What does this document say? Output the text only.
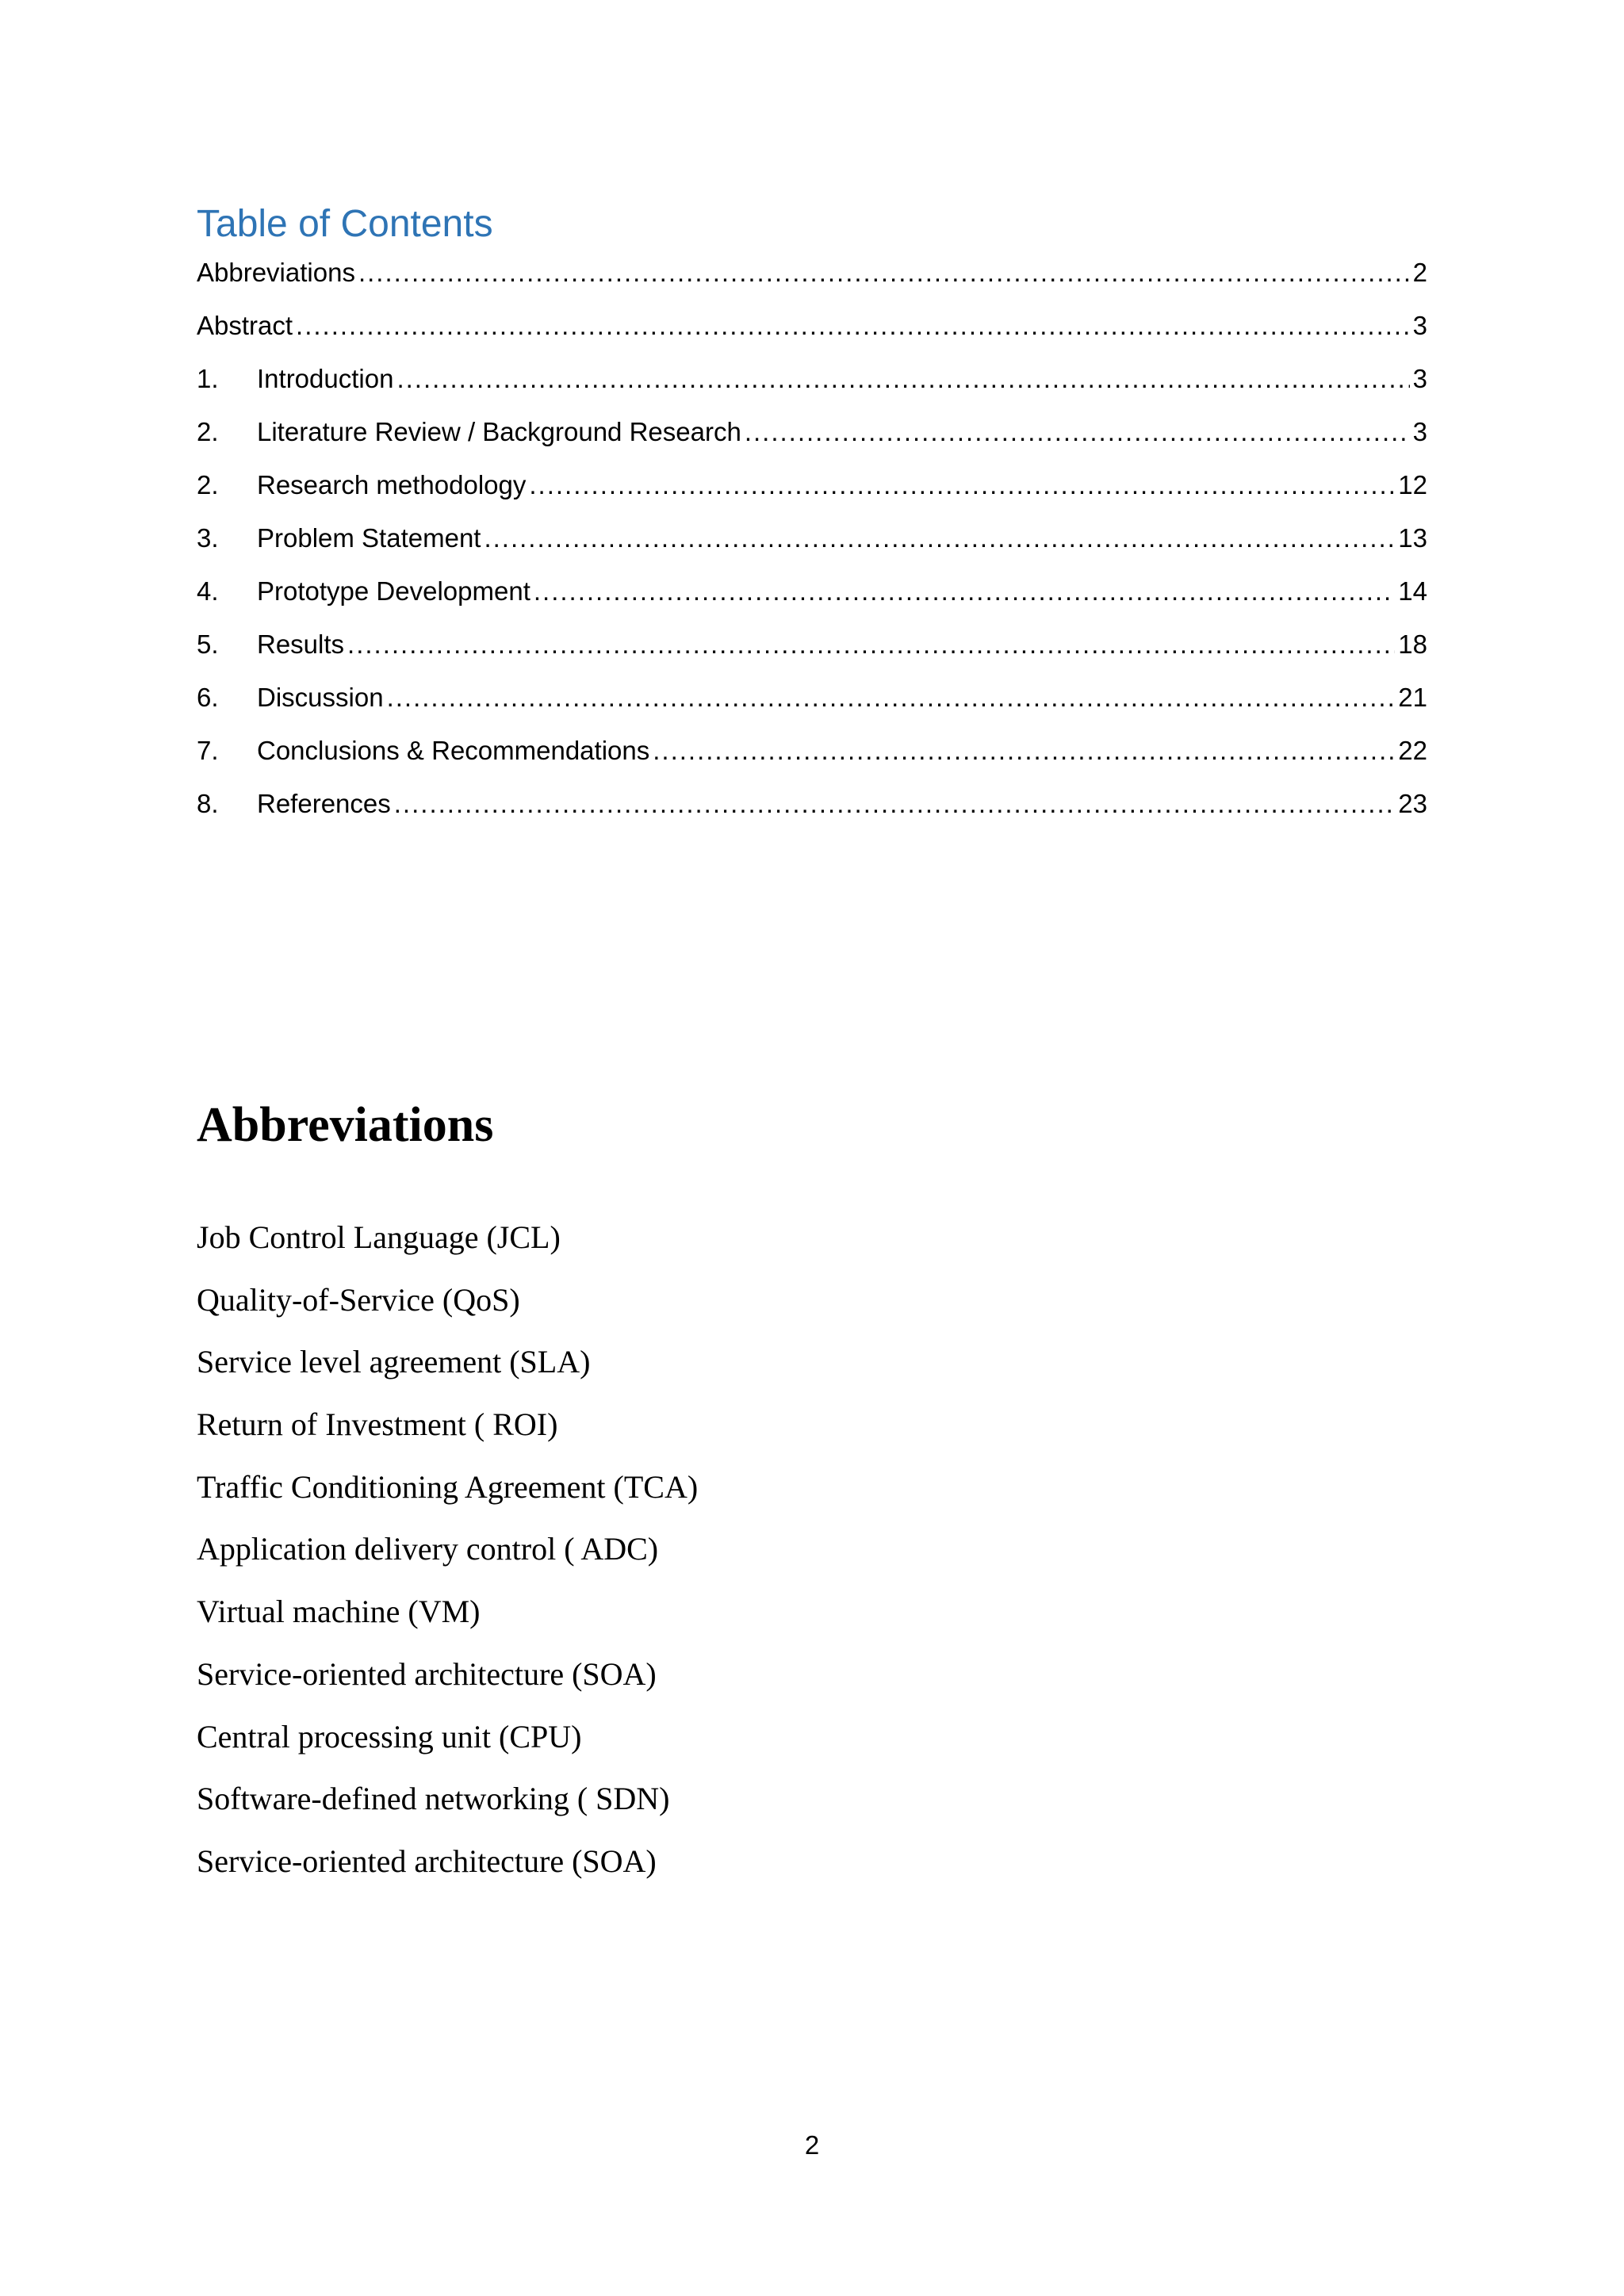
Table of Contents
Abbreviations .....	2
Abstract .....	3
1.	Introduction .....	3
2.	Literature Review / Background Research .....	3
2.	Research methodology .....	12
3.	Problem Statement .....	13
4.	Prototype Development .....	14
5.	Results .....	18
6.	Discussion .....	21
7.	Conclusions & Recommendations .....	22
8.	References .....	23
Abbreviations
Job Control Language (JCL)
Quality-of-Service (QoS)
Service level agreement (SLA)
Return of Investment ( ROI)
Traffic Conditioning Agreement (TCA)
Application delivery control ( ADC)
Virtual machine (VM)
Service-oriented architecture (SOA)
Central processing unit (CPU)
Software-defined networking ( SDN)
Service-oriented architecture (SOA)
2
